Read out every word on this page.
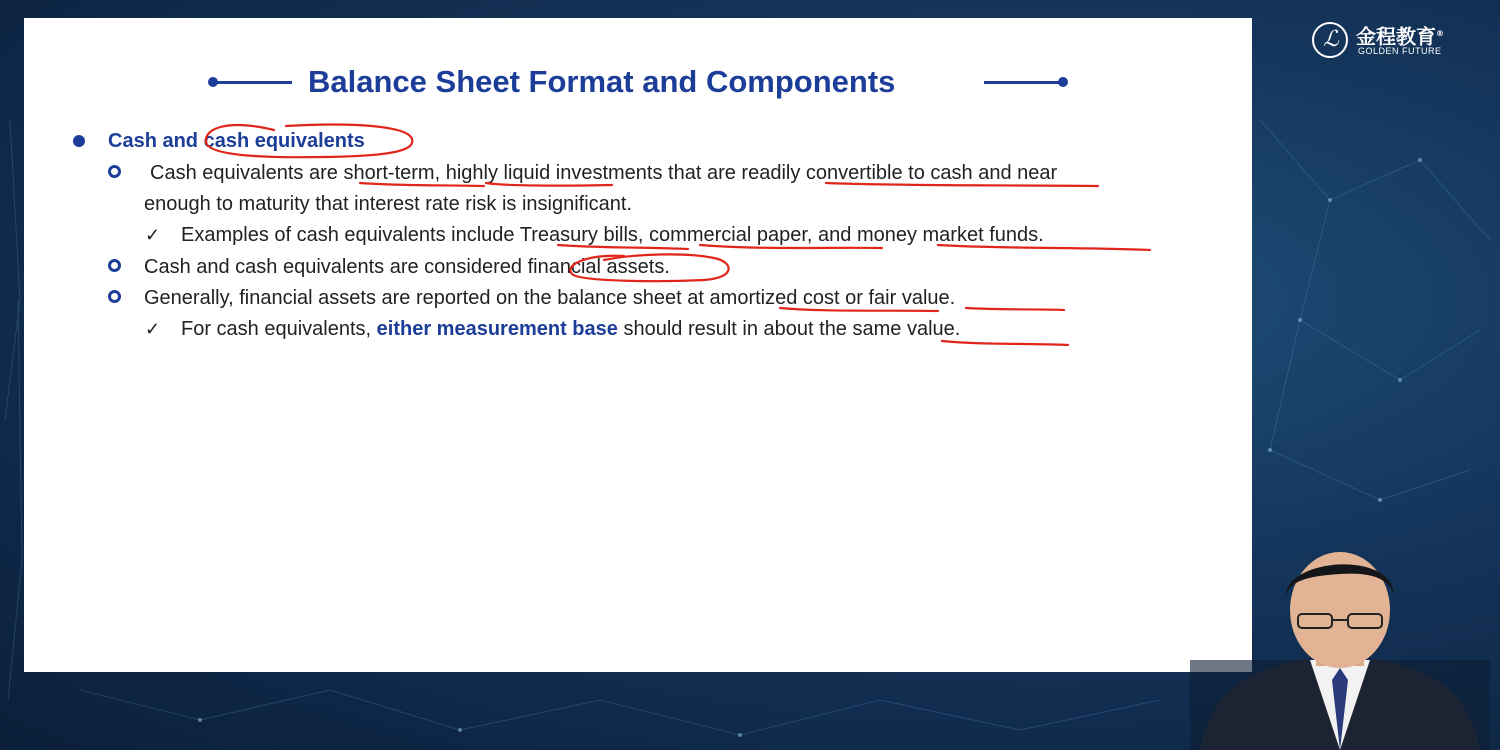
ℒ 金程教育®
GOLDEN FUTURE
Balance Sheet Format and Components
Cash and cash equivalents
Cash equivalents are short-term, highly liquid investments that are readily convertible to cash and near
enough to maturity that interest rate risk is insignificant.
✓ Examples of cash equivalents include Treasury bills, commercial paper, and money market funds.
Cash and cash equivalents are considered financial assets.
Generally, financial assets are reported on the balance sheet at amortized cost or fair value.
✓ For cash equivalents, either measurement base should result in about the same value.
